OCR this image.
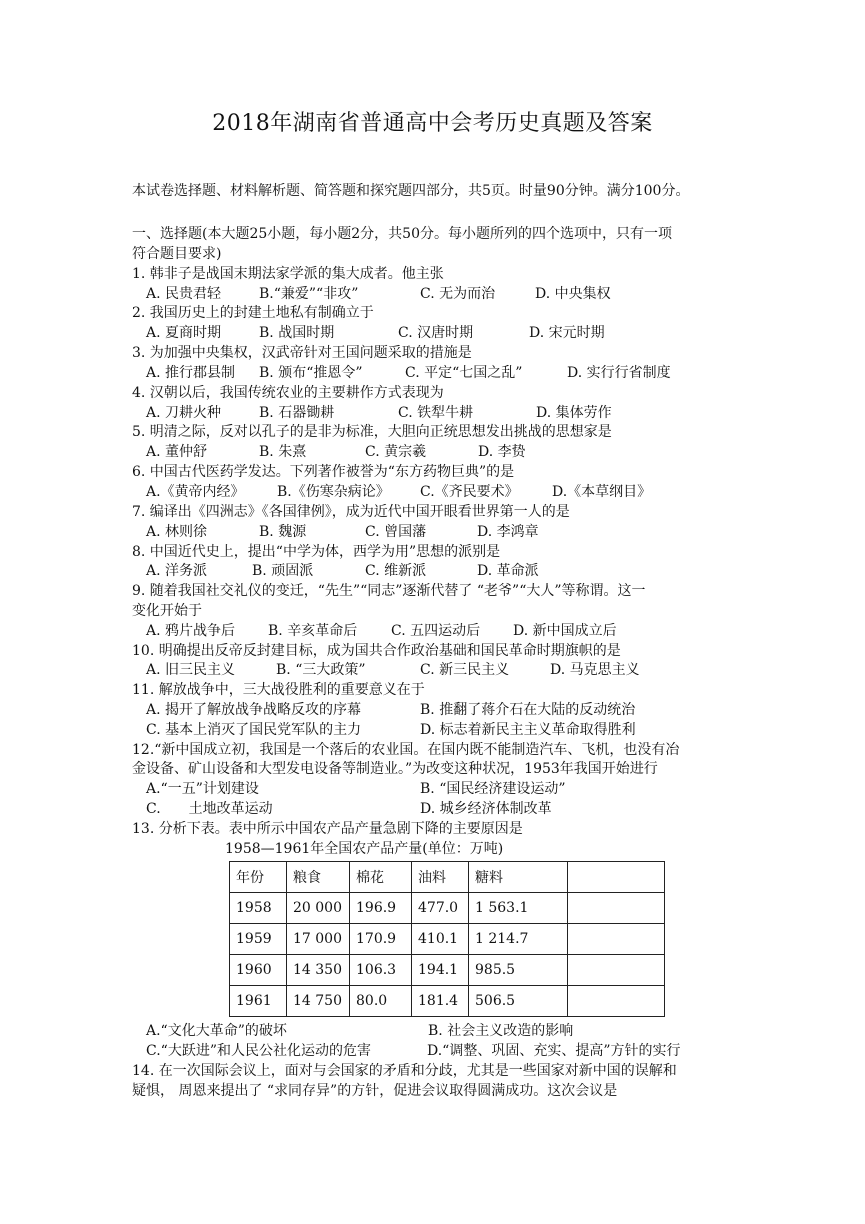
2018年湖南省普通高中会考历史真题及答案
本试卷选择题、材料解析题、简答题和探究题四部分，共5页。时量90分钟。满分100分。
一、选择题(本大题25小题，每小题2分，共50分。每小题所列的四个选项中，只有一项
符合题目要求)
1. 韩非子是战国末期法家学派的集大成者。他主张
A. 民贵君轻	B.“兼爱”“非攻”	C. 无为而治	D. 中央集权
2. 我国历史上的封建土地私有制确立于
A. 夏商时期	B. 战国时期	C. 汉唐时期	D. 宋元时期
3. 为加强中央集权，汉武帝针对王国问题采取的措施是
A. 推行郡县制 B. 颁布“推恩令”	C. 平定“七国之乱”	D. 实行行省制度
4. 汉朝以后，我国传统农业的主要耕作方式表现为
A. 刀耕火种	B. 石器锄耕	C. 铁犁牛耕	D. 集体劳作
5. 明清之际，反对以孔子的是非为标准，大胆向正统思想发出挑战的思想家是
A. 董仲舒	B. 朱熹	C. 黄宗羲	D. 李贽
6. 中国古代医药学发达。下列著作被誉为“东方药物巨典”的是
A.《黄帝内经》 B.《伤寒杂病论》 C.《齐民要术》 D.《本草纲目》
7. 编译出《四洲志》《各国律例》，成为近代中国开眼看世界第一人的是
A. 林则徐	B. 魏源	C. 曾国藩	D. 李鸿章
8. 中国近代史上，提出“中学为体，西学为用”思想的派别是
A. 洋务派	B. 顽固派	C. 维新派	D. 革命派
9. 随着我国社交礼仪的变迁，“先生”“同志”逐渐代替了 “老爷”“大人”等称谓。这一
变化开始于
A. 鸦片战争后 B. 辛亥革命后 C. 五四运动后 D. 新中国成立后
10. 明确提出反帝反封建目标，成为国共合作政治基础和国民革命时期旗帜的是
A. 旧三民主义	B. “三大政策”	C. 新三民主义	D. 马克思主义
11. 解放战争中，三大战役胜利的重要意义在于
A. 揭开了解放战争战略反攻的序幕	B. 推翻了蒋介石在大陆的反动统治
C. 基本上消灭了国民党军队的主力	D. 标志着新民主主义革命取得胜利
12.“新中国成立初，我国是一个落后的农业国。在国内既不能制造汽车、飞机，也没有冶
金设备、矿山设备和大型发电设备等制造业。”为改变这种状况，1953年我国开始进行
A.“一五”计划建设	B. “国民经济建设运动”
C.　　土地改革运动	D. 城乡经济体制改革
13. 分析下表。表中所示中国农产品产量急剧下降的主要原因是
1958—1961年全国农产品产量(单位：万吨)
年份	粮食	棉花	油料	糖料	
1958	20 000	196.9	477.0	1 563.1	
1959	17 000	170.9	410.1	1 214.7	
1960	14 350	106.3	194.1	985.5	
1961	14 750	80.0	181.4	506.5	
A.“文化大革命”的破坏	B. 社会主义改造的影响
C.“大跃进”和人民公社化运动的危害	D.“调整、巩固、充实、提高”方针的实行
14. 在一次国际会议上，面对与会国家的矛盾和分歧，尤其是一些国家对新中国的误解和
疑惧， 周恩来提出了 “求同存异”的方针，促进会议取得圆满成功。这次会议是
